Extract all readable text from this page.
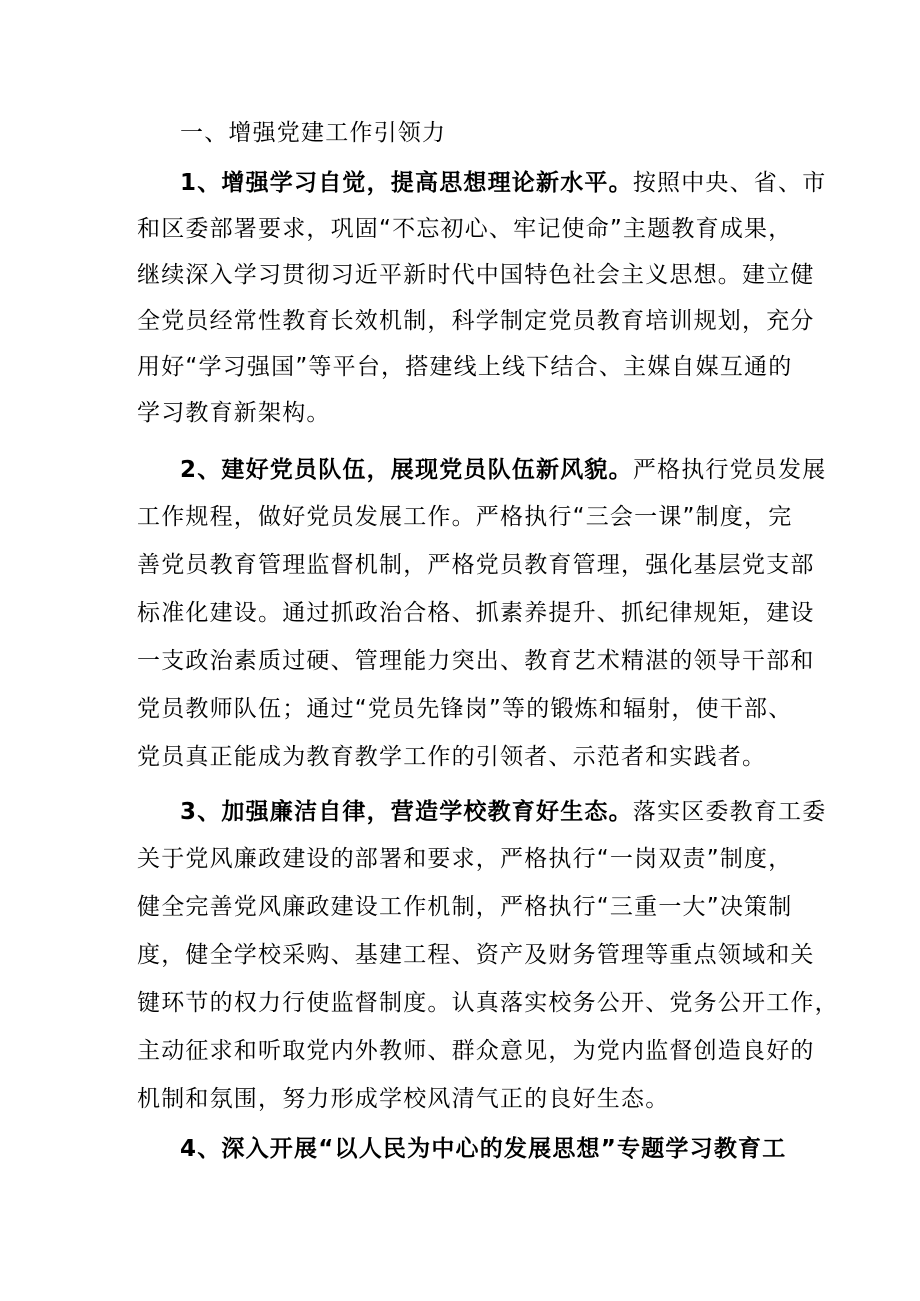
一、增强党建工作引领力
1、增强学习自觉，提高思想理论新水平。按照中央、省、市
和区委部署要求，巩固“不忘初心、牢记使命”主题教育成果，
继续深入学习贯彻习近平新时代中国特色社会主义思想。建立健
全党员经常性教育长效机制，科学制定党员教育培训规划，充分
用好“学习强国”等平台，搭建线上线下结合、主媒自媒互通的
学习教育新架构。
2、建好党员队伍，展现党员队伍新风貌。严格执行党员发展
工作规程，做好党员发展工作。严格执行“三会一课”制度，完
善党员教育管理监督机制，严格党员教育管理，强化基层党支部
标准化建设。通过抓政治合格、抓素养提升、抓纪律规矩，建设
一支政治素质过硬、管理能力突出、教育艺术精湛的领导干部和
党员教师队伍；通过“党员先锋岗”等的锻炼和辐射，使干部、
党员真正能成为教育教学工作的引领者、示范者和实践者。
3、加强廉洁自律，营造学校教育好生态。落实区委教育工委
关于党风廉政建设的部署和要求，严格执行“一岗双责”制度，
健全完善党风廉政建设工作机制，严格执行“三重一大”决策制
度，健全学校采购、基建工程、资产及财务管理等重点领域和关
键环节的权力行使监督制度。认真落实校务公开、党务公开工作，
主动征求和听取党内外教师、群众意见，为党内监督创造良好的
机制和氛围，努力形成学校风清气正的良好生态。
4、深入开展“以人民为中心的发展思想”专题学习教育工
